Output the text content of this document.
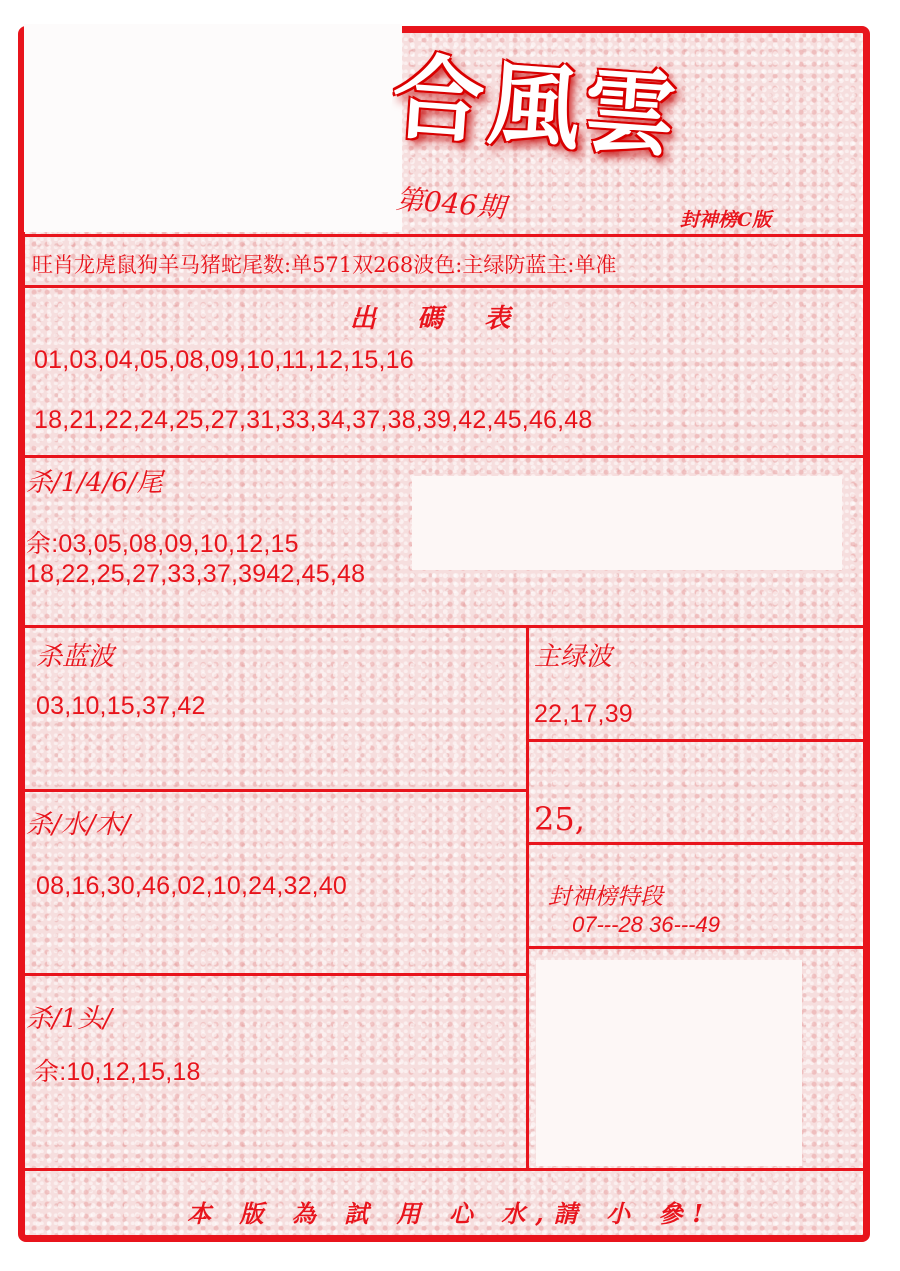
合風雲
第046期	封神榜C版
旺肖龙虎鼠狗羊马猪蛇尾数:单571双268波色:主绿防蓝主:单准
出 碼 表
01,03,04,05,08,09,10,11,12,15,16
18,21,22,24,25,27,31,33,34,37,38,39,42,45,46,48
杀/1/4/6/尾
余:03,05,08,09,10,12,15
18,22,25,27,33,37,3942,45,48
杀蓝波
03,10,15,37,42
主绿波
22,17,39
25,
杀/水/木/
08,16,30,46,02,10,24,32,40	封神榜特段
07---28 36---49
杀/1头/
余:10,12,15,18
本 版 為 試 用 心 水,請 小 參!
